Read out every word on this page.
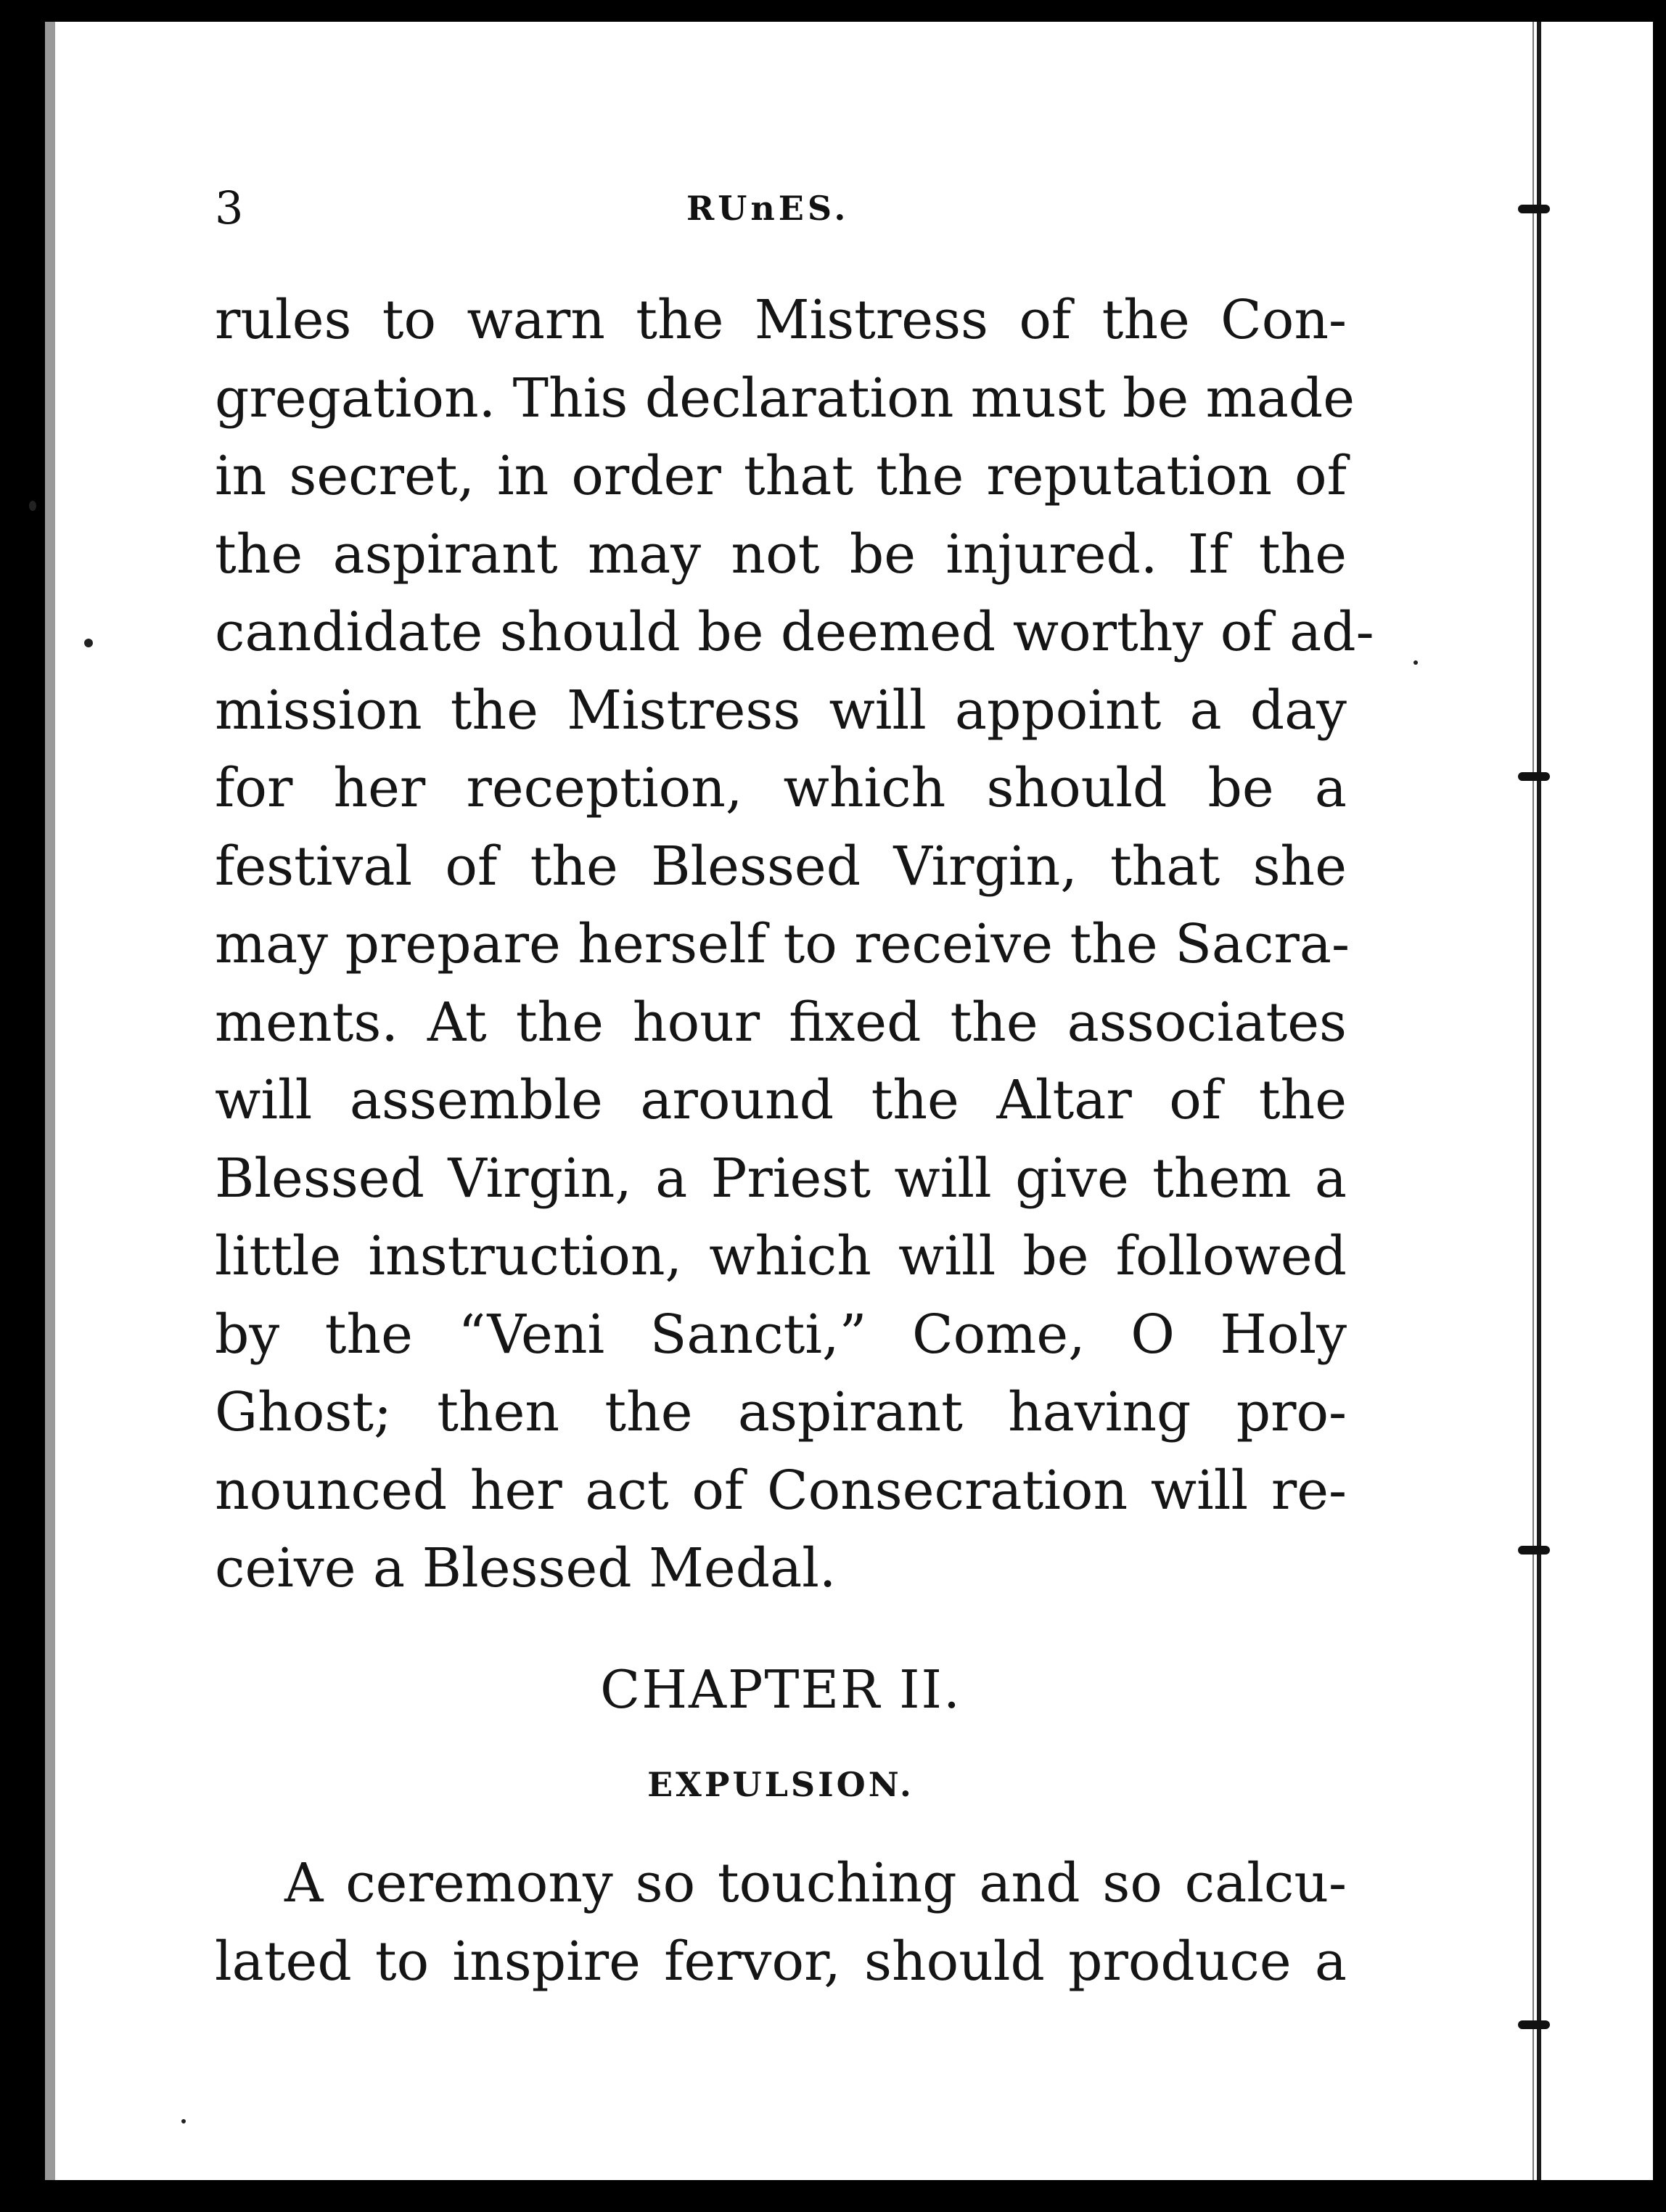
3	RUnES.
rules to warn the Mistress of the Con-
gregation. This declaration must be made
in secret, in order that the reputation of
the aspirant may not be injured. If the
candidate should be deemed worthy of ad-
mission the Mistress will appoint a day
for her reception, which should be a
festival of the Blessed Virgin, that she
may prepare herself to receive the Sacra-
ments. At the hour fixed the associates
will assemble around the Altar of the
Blessed Virgin, a Priest will give them a
little instruction, which will be followed
by the “Veni Sancti,” Come, O Holy
Ghost; then the aspirant having pro-
nounced her act of Consecration will re-
ceive a Blessed Medal.
CHAPTER II.
EXPULSION.
A ceremony so touching and so calcu-
lated to inspire fervor, should produce a
